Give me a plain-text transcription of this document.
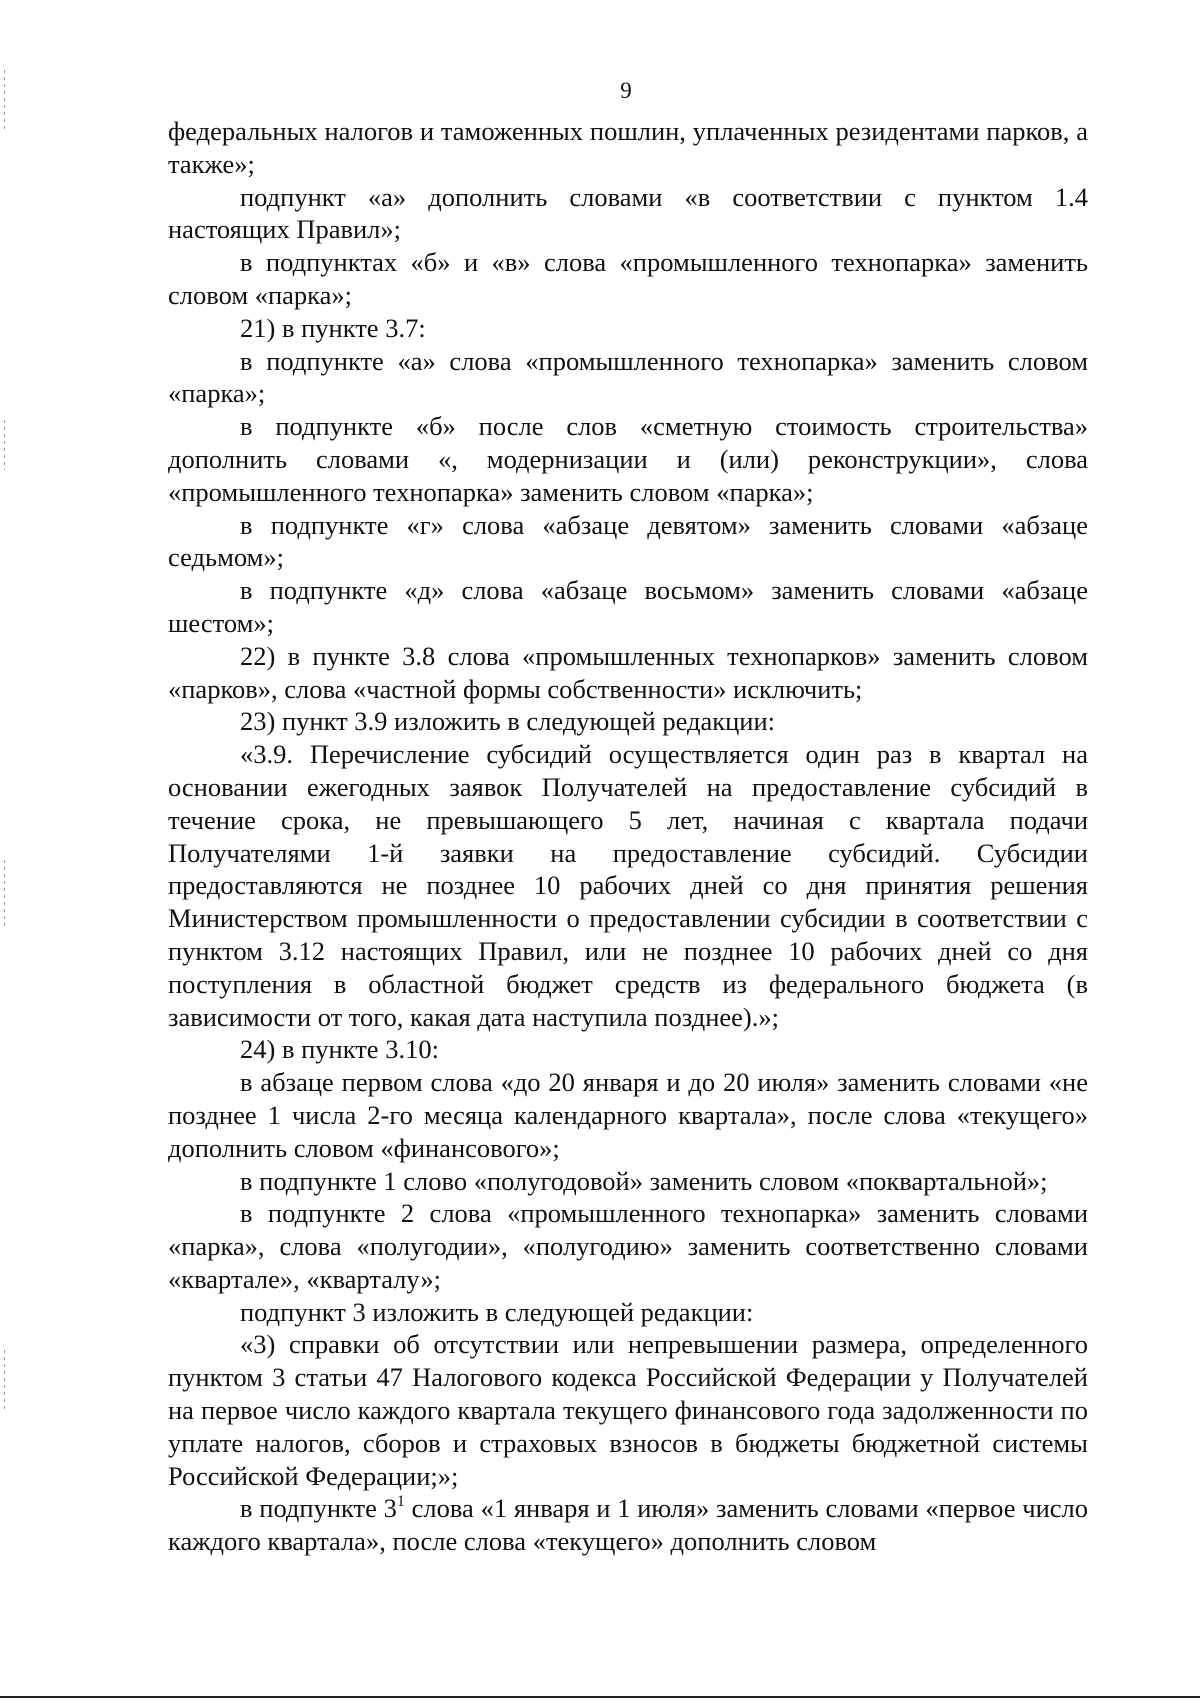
9

федеральных налогов и таможенных пошлин, уплаченных резидентами парков, а также»;

подпункт «а» дополнить словами «в соответствии с пунктом 1.4 настоящих Правил»;

в подпунктах «б» и «в» слова «промышленного технопарка» заменить словом «парка»;

21) в пункте 3.7:

в подпункте «а» слова «промышленного технопарка» заменить словом «парка»;

в подпункте «б» после слов «сметную стоимость строительства» дополнить словами «, модернизации и (или) реконструкции», слова «промышленного технопарка» заменить словом «парка»;

в подпункте «г» слова «абзаце девятом» заменить словами «абзаце седьмом»;

в подпункте «д» слова «абзаце восьмом» заменить словами «абзаце шестом»;

22) в пункте 3.8 слова «промышленных технопарков» заменить словом «парков», слова «частной формы собственности» исключить;

23) пункт 3.9 изложить в следующей редакции:

«3.9. Перечисление субсидий осуществляется один раз в квартал на основании ежегодных заявок Получателей на предоставление субсидий в течение срока, не превышающего 5 лет, начиная с квартала подачи Получателями 1-й заявки на предоставление субсидий. Субсидии предоставляются не позднее 10 рабочих дней со дня принятия решения Министерством промышленности о предоставлении субсидии в соответствии с пунктом 3.12 настоящих Правил, или не позднее 10 рабочих дней со дня поступления в областной бюджет средств из федерального бюджета (в зависимости от того, какая дата наступила позднее).»;

24) в пункте 3.10:

в абзаце первом слова «до 20 января и до 20 июля» заменить словами «не позднее 1 числа 2-го месяца календарного квартала», после слова «текущего» дополнить словом «финансового»;

в подпункте 1 слово «полугодовой» заменить словом «поквартальной»;

в подпункте 2 слова «промышленного технопарка» заменить словами «парка», слова «полугодии», «полугодию» заменить соответственно словами «квартале», «кварталу»;

подпункт 3 изложить в следующей редакции:

«3) справки об отсутствии или непревышении размера, определенного пунктом 3 статьи 47 Налогового кодекса Российской Федерации у Получателей на первое число каждого квартала текущего финансового года задолженности по уплате налогов, сборов и страховых взносов в бюджеты бюджетной системы Российской Федерации;»;

в подпункте $3^1$ слова «1 января и 1 июля» заменить словами «первое число каждого квартала», после слова «текущего» дополнить словом
